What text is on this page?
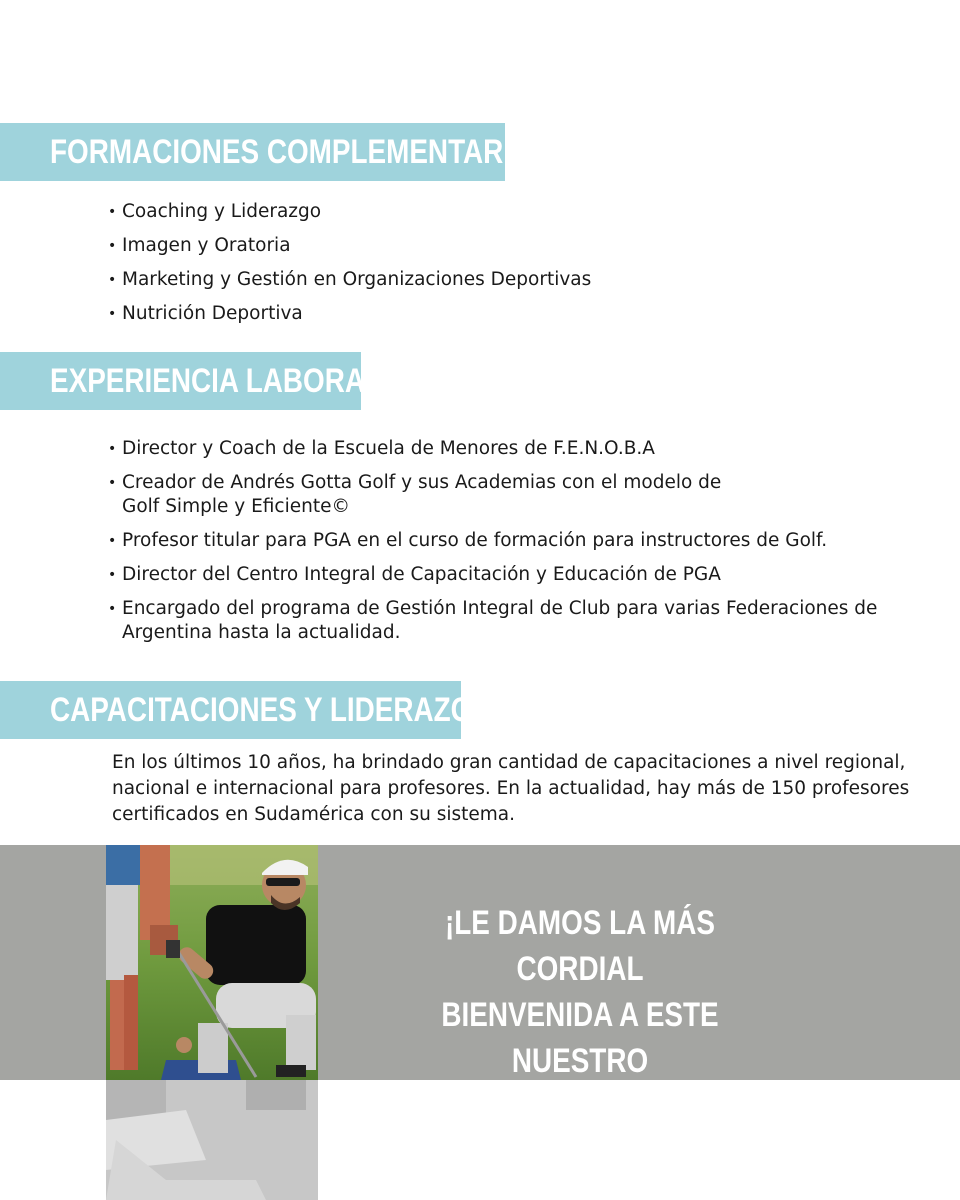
FORMACIONES COMPLEMENTARIAS:
• Coaching y Liderazgo
• Imagen y Oratoria
• Marketing y Gestión en Organizaciones Deportivas
• Nutrición Deportiva
EXPERIENCIA LABORAL:
• Director y Coach de la Escuela de Menores de F.E.N.O.B.A
• Creador de Andrés Gotta Golf y sus Academias con el modelo de Golf Simple y Eficiente©
• Profesor titular para PGA en el curso de formación para instructores de Golf.
• Director del Centro Integral de Capacitación y Educación de PGA
• Encargado del programa de Gestión Integral de Club para varias Federaciones de Argentina hasta la actualidad.
CAPACITACIONES Y LIDERAZGO:

En los últimos 10 años, ha brindado gran cantidad de capacitaciones a nivel regional, nacional e internacional para profesores. En la actualidad, hay más de 150 profesores certificados en Sudamérica con su sistema.

¡LE DAMOS LA MÁS CORDIAL
BIENVENIDA A ESTE NUESTRO
SEGUNDO HOGAR!
